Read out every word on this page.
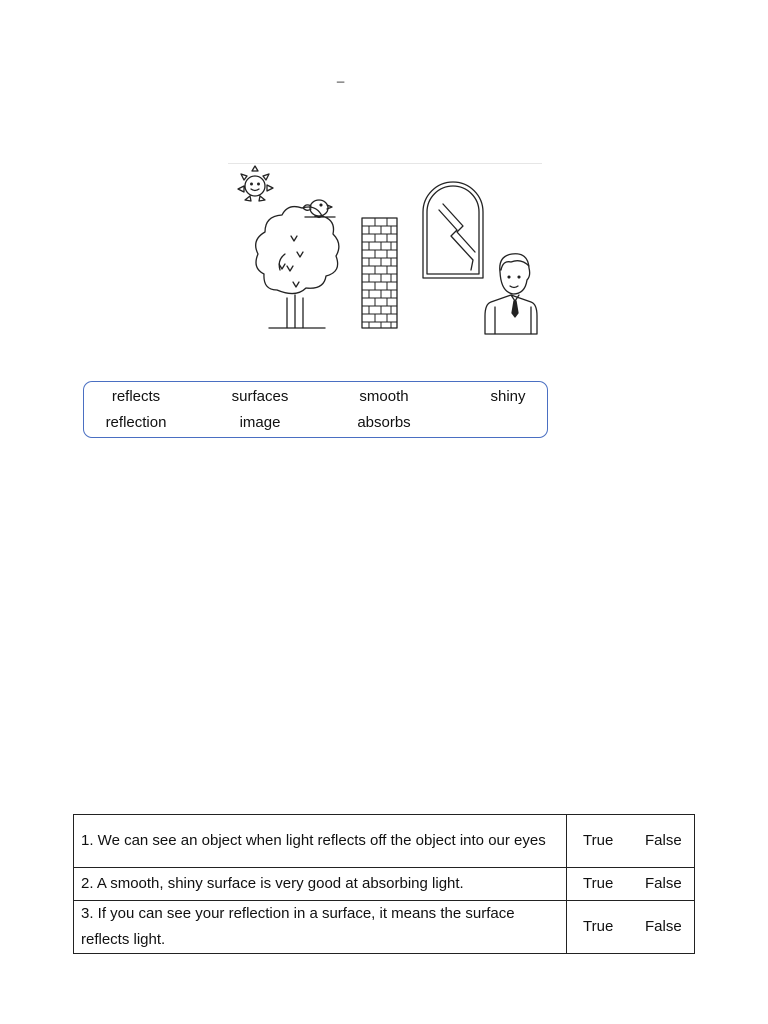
_
reflects	surfaces	smooth	shiny
reflection	image	absorbs
1. We can see an object when light reflects off the object into our eyes	True False
2. A smooth, shiny surface is very good at absorbing light.	True False
3. If you can see your reflection in a surface, it means the surface reflects light.	True False
